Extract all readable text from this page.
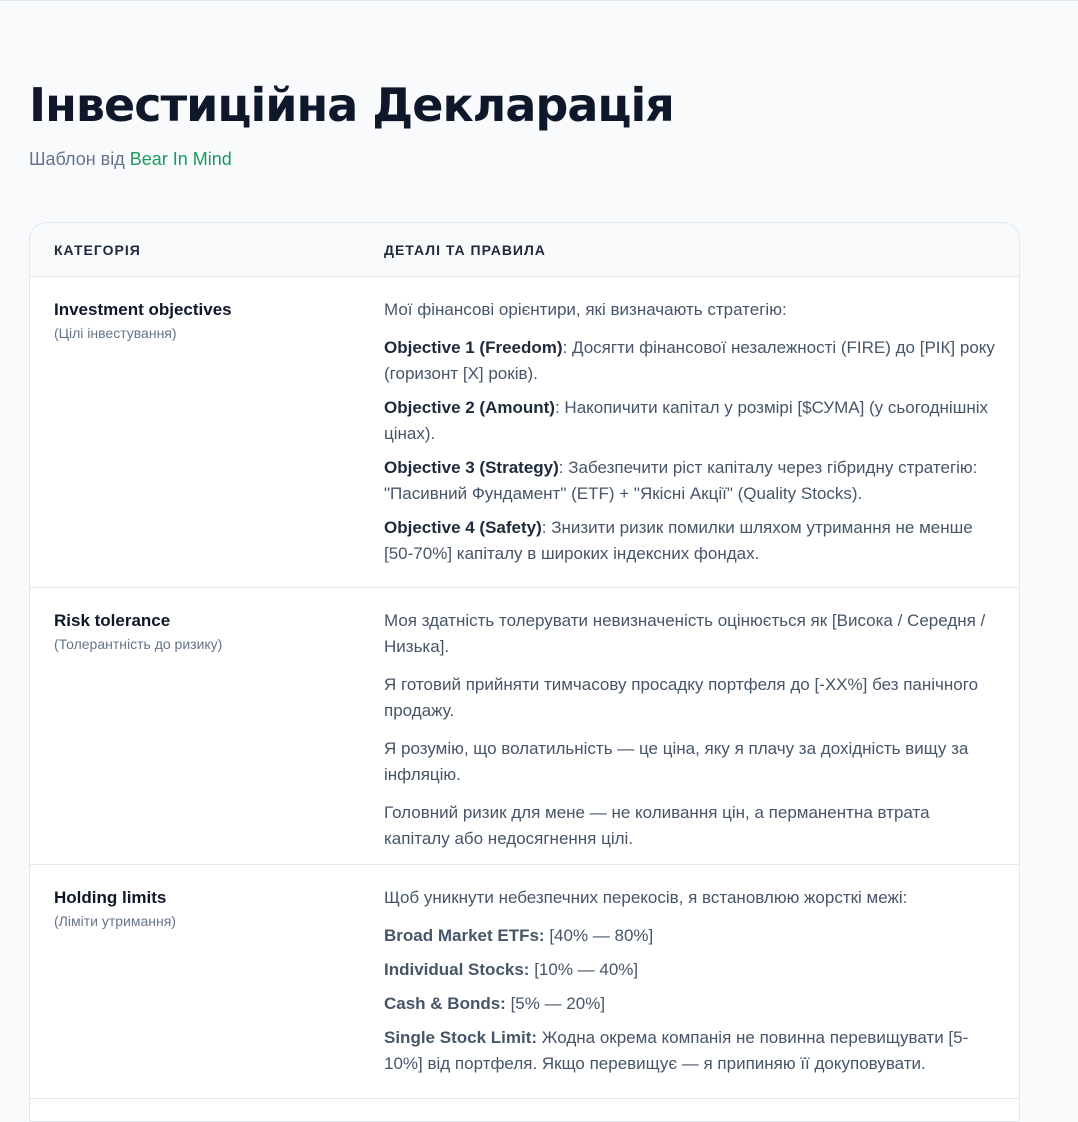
Інвестиційна Декларація
Шаблон від Bear In Mind
КАТЕГОРІЯ	ДЕТАЛІ ТА ПРАВИЛА
Investment objectives
(Цілі інвестування)

Мої фінансові орієнтири, які визначають стратегію:

Objective 1 (Freedom): Досягти фінансової незалежності (FIRE) до [РІК] року (горизонт [X] років).

Objective 2 (Amount): Накопичити капітал у розмірі [$СУМА] (у сьогоднішніх цінах).

Objective 3 (Strategy): Забезпечити ріст капіталу через гібридну стратегію: "Пасивний Фундамент" (ETF) + "Якісні Акції" (Quality Stocks).

Objective 4 (Safety): Знизити ризик помилки шляхом утримання не менше [50-70%] капіталу в широких індексних фондах.

Risk tolerance
(Толерантність до ризику)

Моя здатність толерувати невизначеність оцінюється як [Висока / Середня / Низька].

Я готовий прийняти тимчасову просадку портфеля до [-XX%] без панічного продажу.

Я розумію, що волатильність — це ціна, яку я плачу за дохідність вищу за інфляцію.

Головний ризик для мене — не коливання цін, а перманентна втрата капіталу або недосягнення цілі.

Holding limits
(Ліміти утримання)

Щоб уникнути небезпечних перекосів, я встановлюю жорсткі межі:

Broad Market ETFs: [40% — 80%]

Individual Stocks: [10% — 40%]

Cash & Bonds: [5% — 20%]

Single Stock Limit: Жодна окрема компанія не повинна перевищувати [5-10%] від портфеля. Якщо перевищує — я припиняю її докуповувати.
